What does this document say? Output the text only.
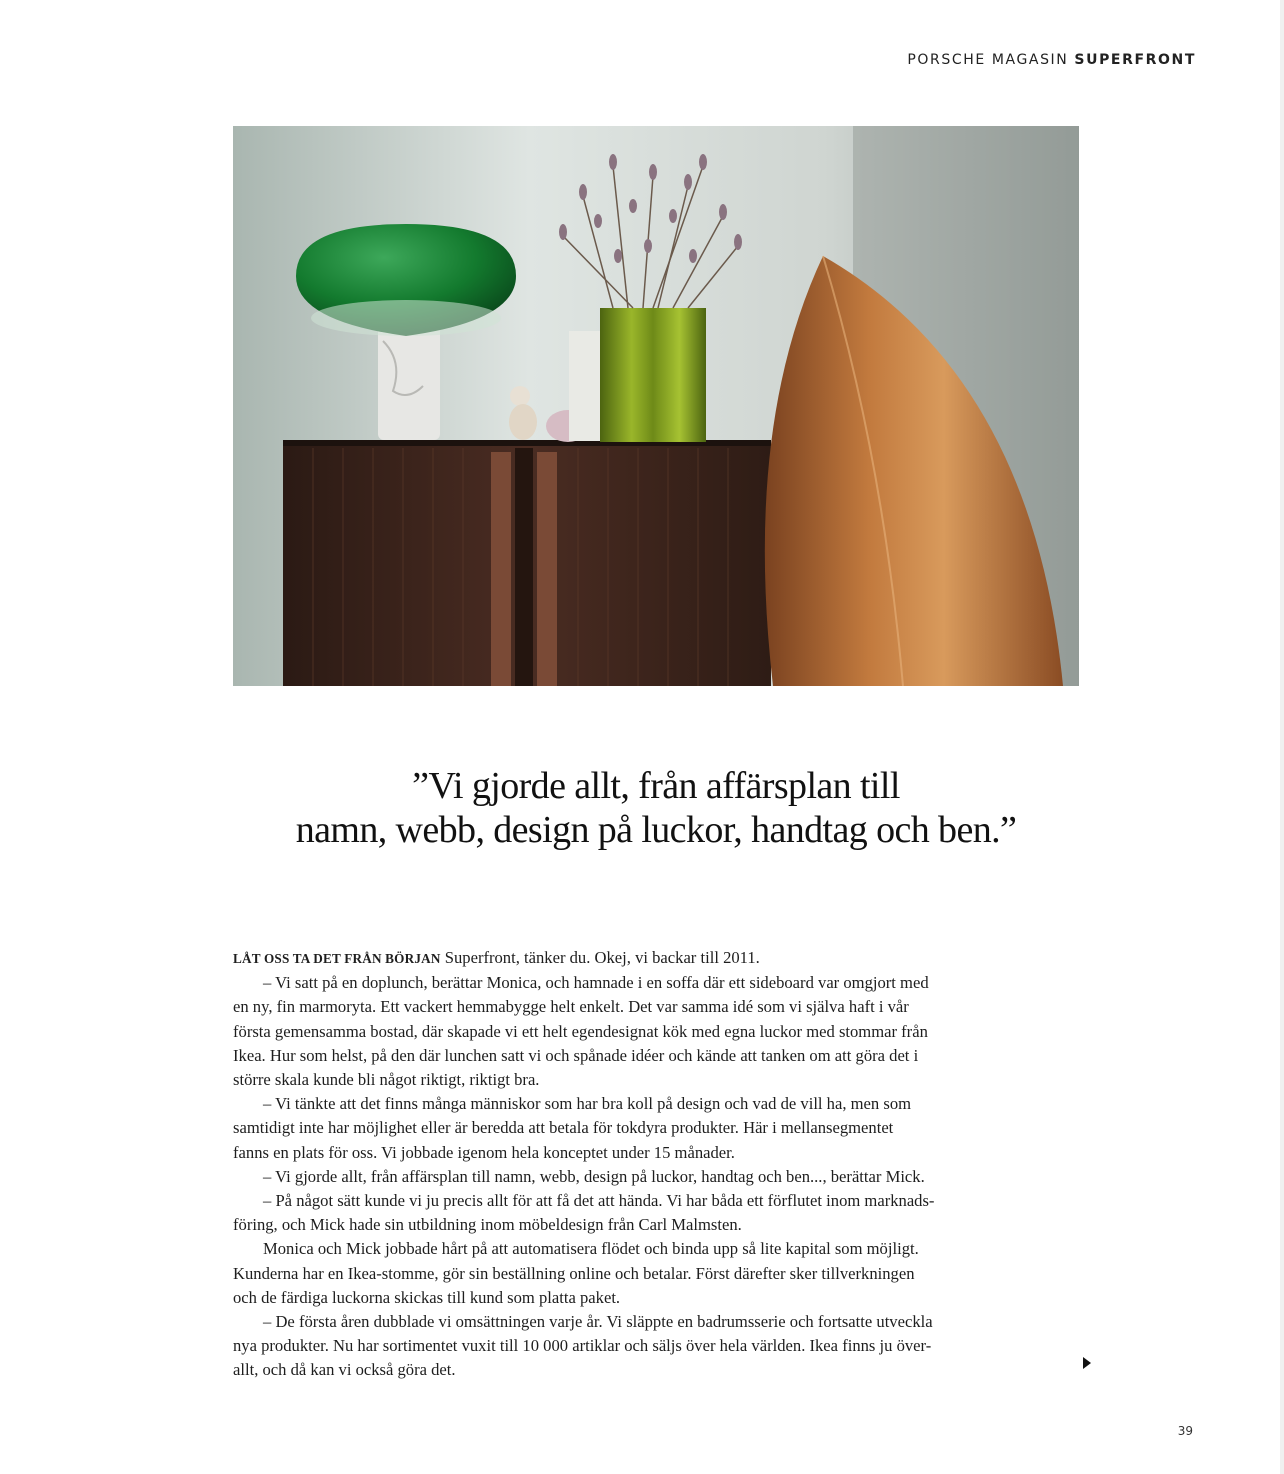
PORSCHE MAGASIN SUPERFRONT
”Vi gjorde allt, från affärsplan till
namn, webb, design på luckor, handtag och ben.”
LÅT OSS TA DET FRÅN BÖRJAN Superfront, tänker du. Okej, vi backar till 2011.
– Vi satt på en doplunch, berättar Monica, och hamnade i en soffa där ett sideboard var omgjort med
en ny, fin marmoryta. Ett vackert hemmabygge helt enkelt. Det var samma idé som vi själva haft i vår
första gemensamma bostad, där skapade vi ett helt egendesignat kök med egna luckor med stommar från
Ikea. Hur som helst, på den där lunchen satt vi och spånade idéer och kände att tanken om att göra det i
större skala kunde bli något riktigt, riktigt bra.
– Vi tänkte att det finns många människor som har bra koll på design och vad de vill ha, men som
samtidigt inte har möjlighet eller är beredda att betala för tokdyra produkter. Här i mellansegmentet
fanns en plats för oss. Vi jobbade igenom hela konceptet under 15 månader.
– Vi gjorde allt, från affärsplan till namn, webb, design på luckor, handtag och ben..., berättar Mick.
– På något sätt kunde vi ju precis allt för att få det att hända. Vi har båda ett förflutet inom marknads-
föring, och Mick hade sin utbildning inom möbeldesign från Carl Malmsten.
Monica och Mick jobbade hårt på att automatisera flödet och binda upp så lite kapital som möjligt.
Kunderna har en Ikea-stomme, gör sin beställning online och betalar. Först därefter sker tillverkningen
och de färdiga luckorna skickas till kund som platta paket.
– De första åren dubblade vi omsättningen varje år. Vi släppte en badrumsserie och fortsatte utveckla
nya produkter. Nu har sortimentet vuxit till 10 000 artiklar och säljs över hela världen. Ikea finns ju över-
allt, och då kan vi också göra det.
39
